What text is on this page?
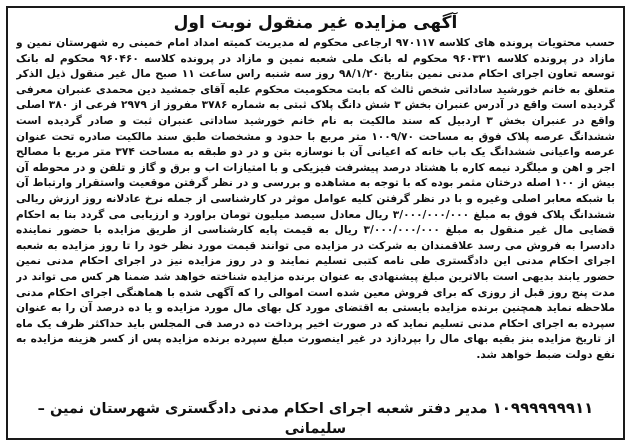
آگهی مزایده غیر منقول نوبت اول
حسب محتویات پرونده های کلاسه ۹۷۰۱۱۷ ارجاعی محکوم له مدیریت کمیته امداد امام خمینی ره شهرستان نمین و مازاد در پرونده کلاسه ۹۶۰۳۳۱ محکوم له بانک ملی شعبه نمین و مازاد در پرونده کلاسه ۹۶۰۴۶۰ محکوم له بانک توسعه تعاون اجرای احکام مدنی نمین بتاریخ ۹۸/۱/۲۰ روز سه شنبه راس ساعت ۱۱ صبح مال غیر منقول ذیل الذکر متعلق به خانم خورشید ساداتی شخص ثالث که بابت محکومیت محکوم علیه آقای جمشید دین محمدی عنبران معرفی گردیده است واقع در آدرس عنبران بخش ۳ شش دانگ پلاک ثبتی به شماره ۳۷۸۶ مفروز از ۲۹۷۹ فرعی از ۳۸۰ اصلی واقع در عنبران بخش ۳ اردبیل که سند مالکیت به نام خانم خورشید ساداتی عنبران ثبت و صادر گردیده است ششدانگ عرصه پلاک فوق به مساحت ۱۰۰۹/۷۰ متر مربع با حدود و مشخصات طبق سند مالکیت صادره تحت عنوان عرصه واعیانی ششدانگ یک باب خانه که اعیانی آن با نوسازه بتن و در دو طبقه به مساحت ۳۷۴ متر مربع با مصالح اجر و اهن و میلگرد نیمه کاره با هشتاد درصد پیشرفت فیزیکی و با امتیازات اب و برق و گاز و تلفن و در محوطه آن بیش از ۱۰۰ اصله درختان مثمر بوده که با توجه به مشاهده و بررسی و در نظر گرفتن موقعیت واستقرار وارتباط آن با شبکه معابر اصلی وغیره و با در نظر گرفتن کلیه عوامل موثر در کارشناسی از جمله نرخ عادلانه روز ارزش ریالی ششدانگ پلاک فوق به مبلغ ۳/۰۰۰/۰۰۰/۰۰۰ ریال معادل سیصد میلیون تومان براورد و ارزیابی می گردد بنا به احکام قضایی مال غیر منقول به مبلغ ۳/۰۰۰/۰۰۰/۰۰۰ ریال به قیمت پایه کارشناسی از طریق مزایده با حضور نماینده دادسرا به فروش می رسد علاقمندان به شرکت در مزایده می توانند قیمت مورد نظر خود را تا روز مزایده به شعبه اجرای احکام مدنی این دادگستری طی نامه کتبی تسلیم نمایند و در روز مزایده نیز در اجرای احکام مدنی نمین حضور یابند بدیهی است بالاترین مبلغ پیشنهادی به عنوان برنده مزایده شناخته خواهد شد ضمنا هر کس می تواند در مدت پنج روز قبل از روزی که برای فروش معین شده است اموالی را که آگهی شده با هماهنگی اجرای احکام مدنی ملاحظه نماید همچنین برنده مزایده بایستی به اقتضای مورد کل بهای مال مورد مزایده و یا ده درصد آن را به عنوان سپرده به اجرای احکام مدنی تسلیم نماید که در صورت اخیر پرداخت ده درصد فی المجلس باید حداکثر ظرف یک ماه از تاریخ مزایده بنز بقیه بهای مال را بپردازد در غیر اینصورت مبلغ سپرده برنده مزایده پس از کسر هزینه مزایده به نفع دولت ضبط خواهد شد.
۱۰۹۹۹۹۹۹۹۱۱ مدیر دفتر شعبه اجرای احکام مدنی دادگستری شهرستان نمین – سلیمانی
